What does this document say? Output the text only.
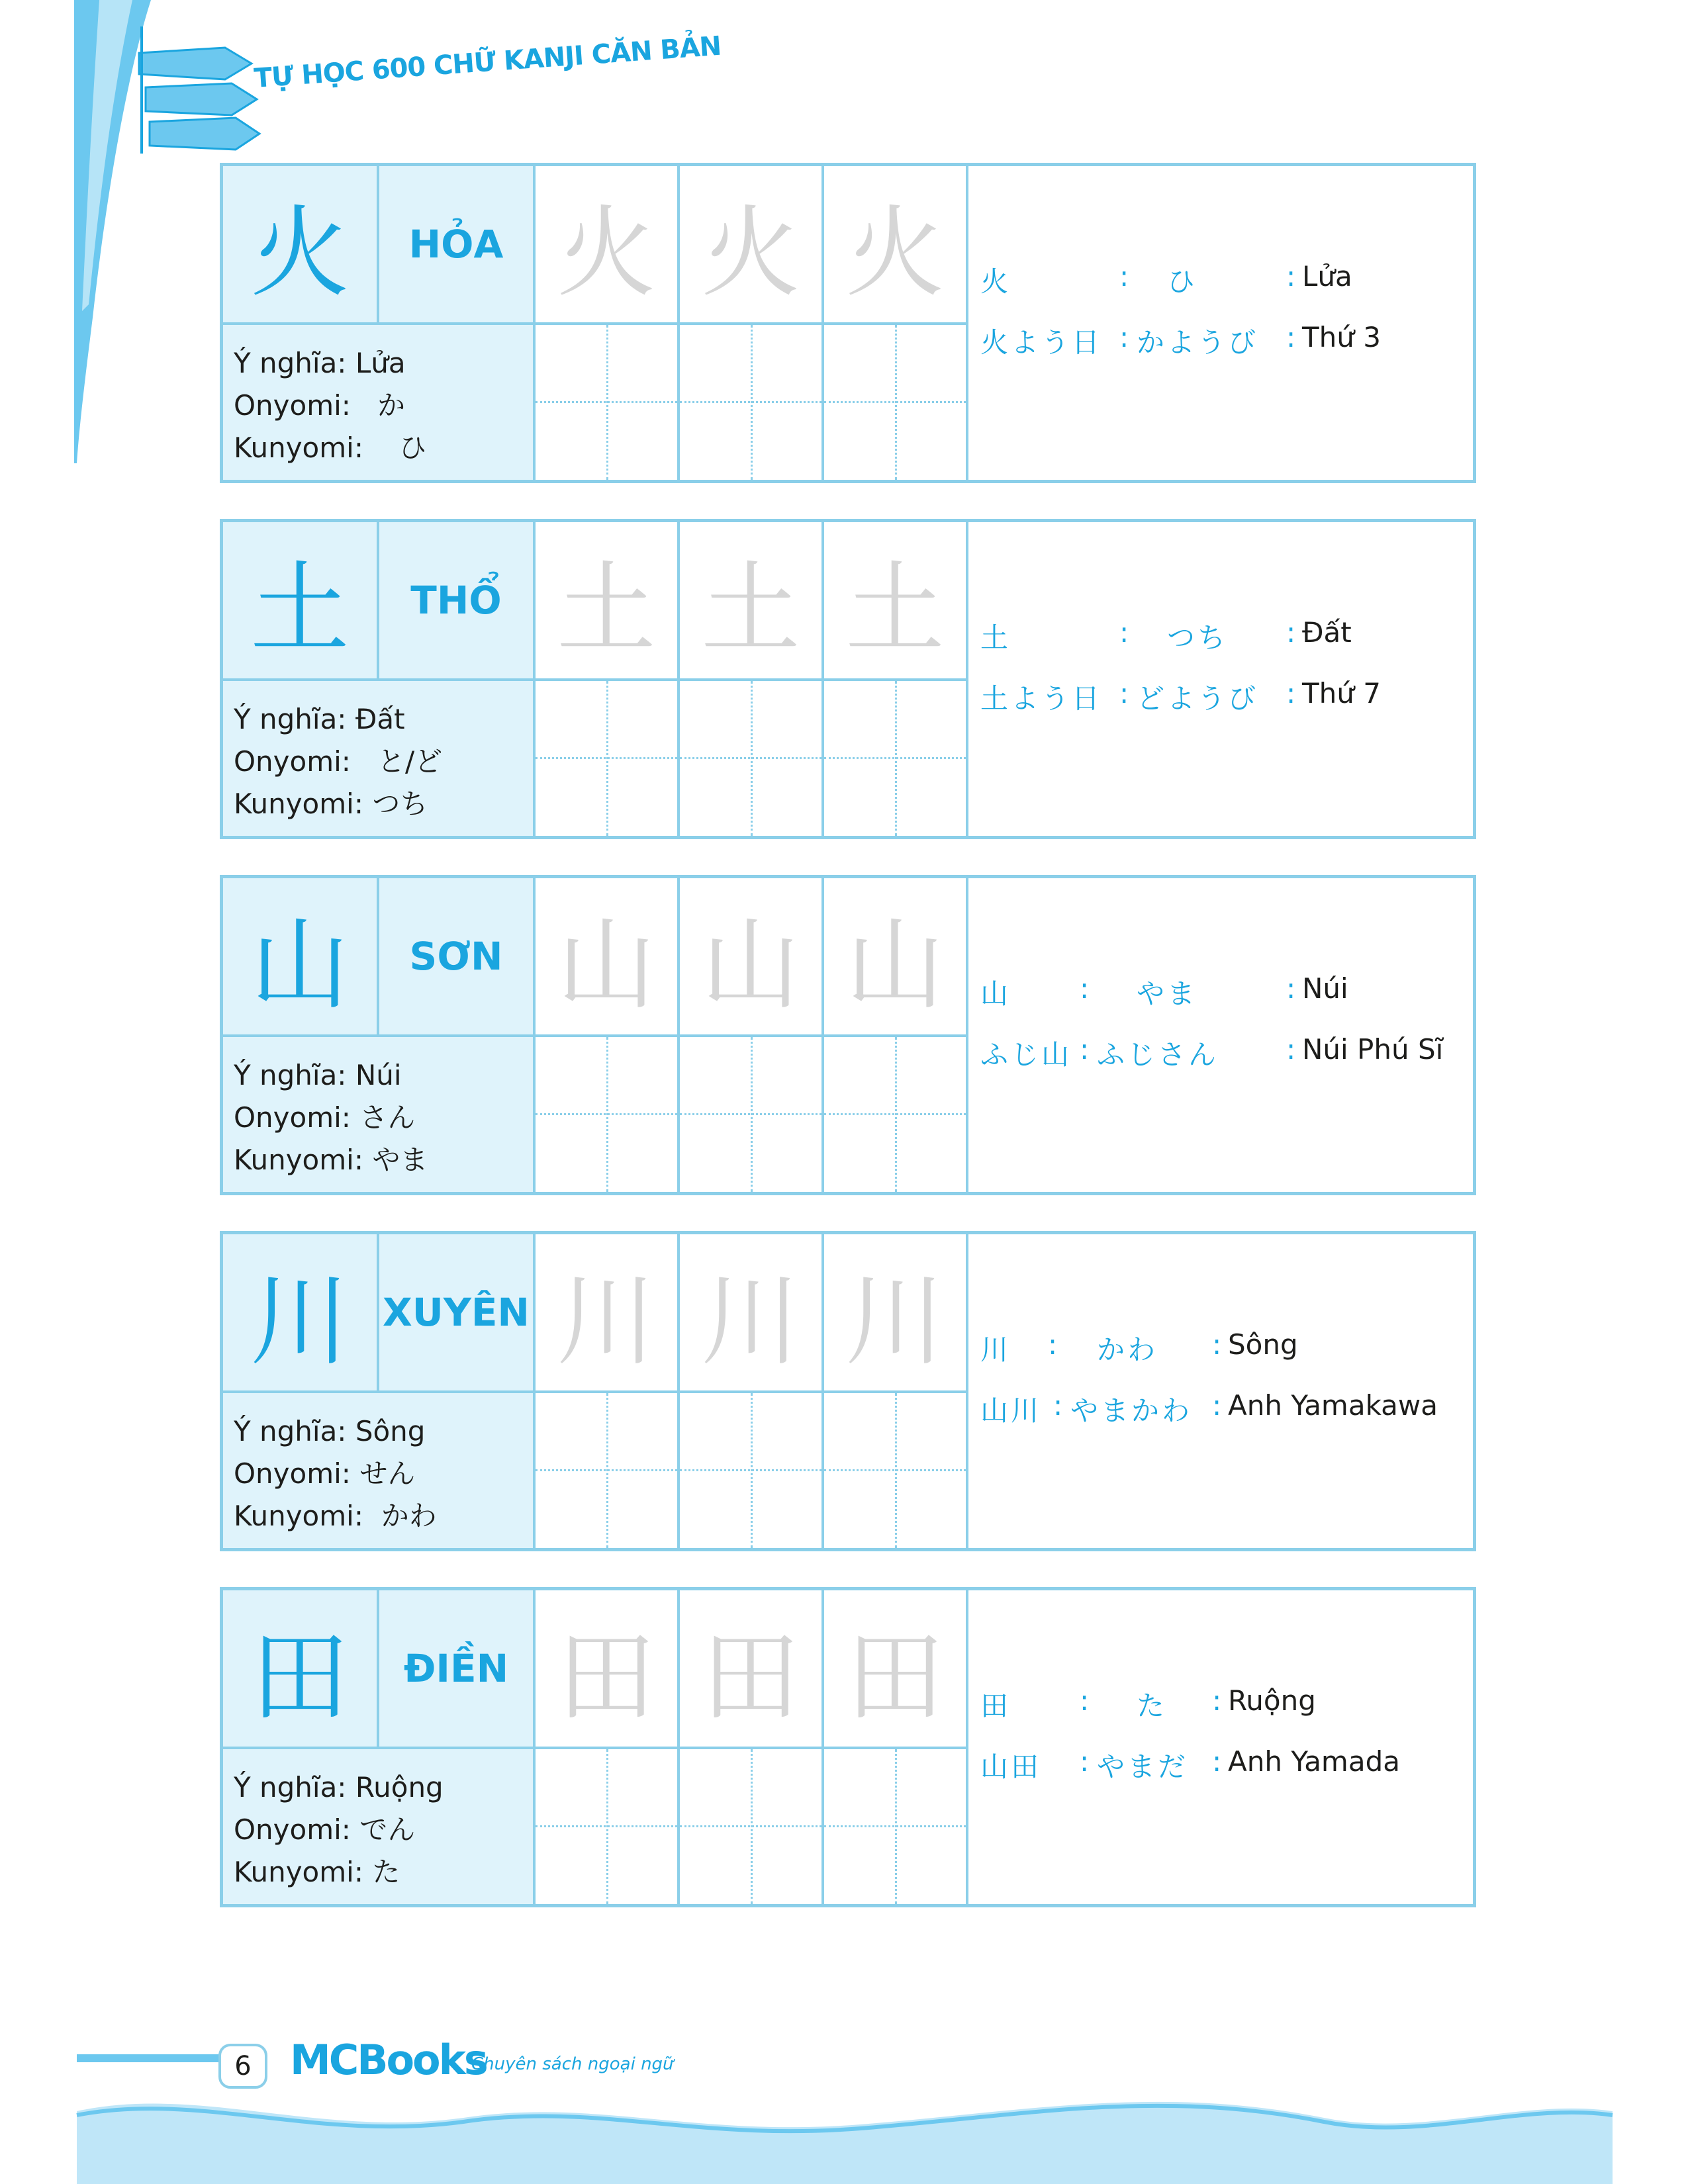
TỰ HỌC 600 CHỮ KANJI CĂN BẢN
火	HỎA
Ý nghĩa: Lửa
Onyomi: か
Kunyomi: ひ
火 火 火	火	: ひ	: Lửa
火よう日 : かようび : Thứ 3
土	THỔ
Ý nghĩa: Đất
Onyomi: と/ど
Kunyomi: つち
土 土 土	土	: つち : Đất
土よう日 : どようび : Thứ 7
山	SƠN
Ý nghĩa: Núi
Onyomi: さん
Kunyomi: やま
山 山 山	山 : やま	: Núi
ふじ山 : ふじさん : Núi Phú Sĩ
川 XUYÊN
Ý nghĩa: Sông
Onyomi: せん
Kunyomi: かわ
川 川 川	川 : かわ : Sông
山川 : やまかわ : Anh Yamakawa
田	ĐIỀN
Ý nghĩa: Ruộng
Onyomi: でん
Kunyomi: た
田 田 田	田 : た : Ruộng
山田 : やまだ : Anh Yamada
6 MCBooks
Chuyên sách ngoại ngữ
